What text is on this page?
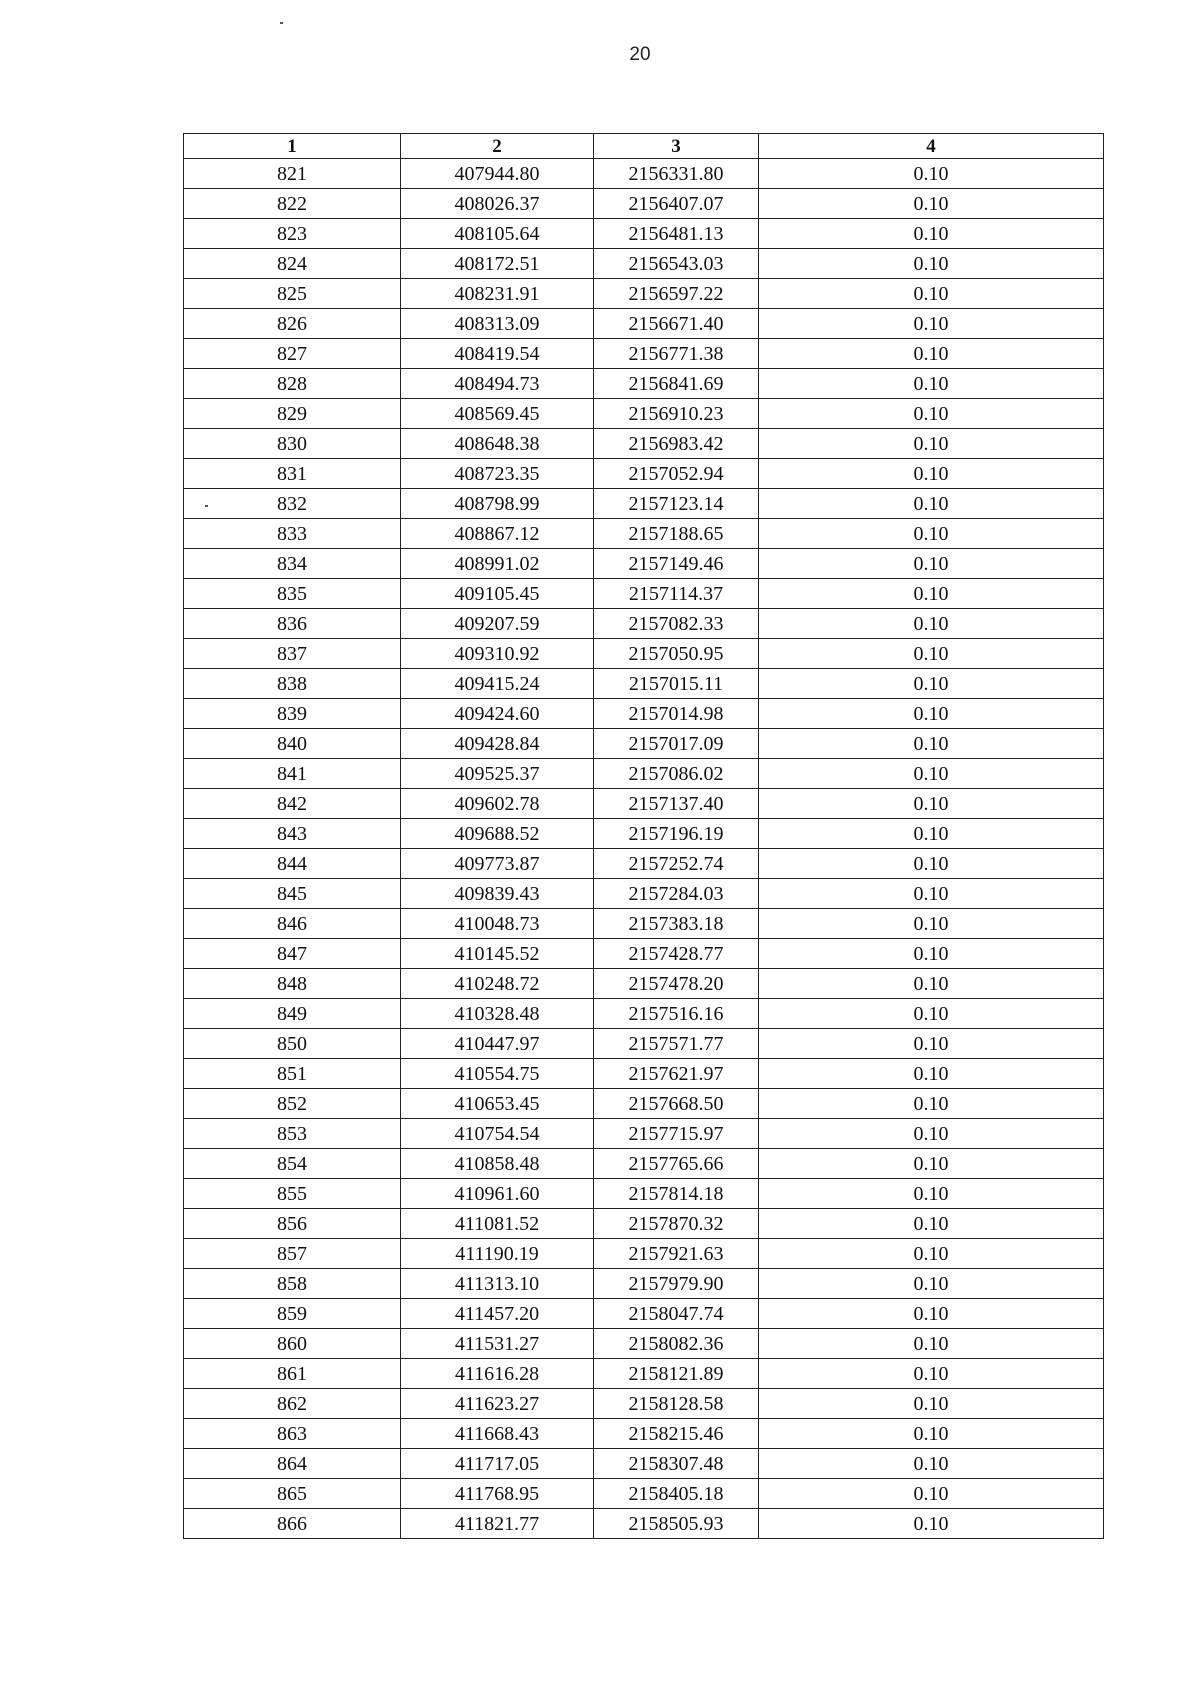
20
1	2	3	4
821	407944.80	2156331.80	0.10
822	408026.37	2156407.07	0.10
823	408105.64	2156481.13	0.10
824	408172.51	2156543.03	0.10
825	408231.91	2156597.22	0.10
826	408313.09	2156671.40	0.10
827	408419.54	2156771.38	0.10
828	408494.73	2156841.69	0.10
829	408569.45	2156910.23	0.10
830	408648.38	2156983.42	0.10
831	408723.35	2157052.94	0.10
832	408798.99	2157123.14	0.10
833	408867.12	2157188.65	0.10
834	408991.02	2157149.46	0.10
835	409105.45	2157114.37	0.10
836	409207.59	2157082.33	0.10
837	409310.92	2157050.95	0.10
838	409415.24	2157015.11	0.10
839	409424.60	2157014.98	0.10
840	409428.84	2157017.09	0.10
841	409525.37	2157086.02	0.10
842	409602.78	2157137.40	0.10
843	409688.52	2157196.19	0.10
844	409773.87	2157252.74	0.10
845	409839.43	2157284.03	0.10
846	410048.73	2157383.18	0.10
847	410145.52	2157428.77	0.10
848	410248.72	2157478.20	0.10
849	410328.48	2157516.16	0.10
850	410447.97	2157571.77	0.10
851	410554.75	2157621.97	0.10
852	410653.45	2157668.50	0.10
853	410754.54	2157715.97	0.10
854	410858.48	2157765.66	0.10
855	410961.60	2157814.18	0.10
856	411081.52	2157870.32	0.10
857	411190.19	2157921.63	0.10
858	411313.10	2157979.90	0.10
859	411457.20	2158047.74	0.10
860	411531.27	2158082.36	0.10
861	411616.28	2158121.89	0.10
862	411623.27	2158128.58	0.10
863	411668.43	2158215.46	0.10
864	411717.05	2158307.48	0.10
865	411768.95	2158405.18	0.10
866	411821.77	2158505.93	0.10
